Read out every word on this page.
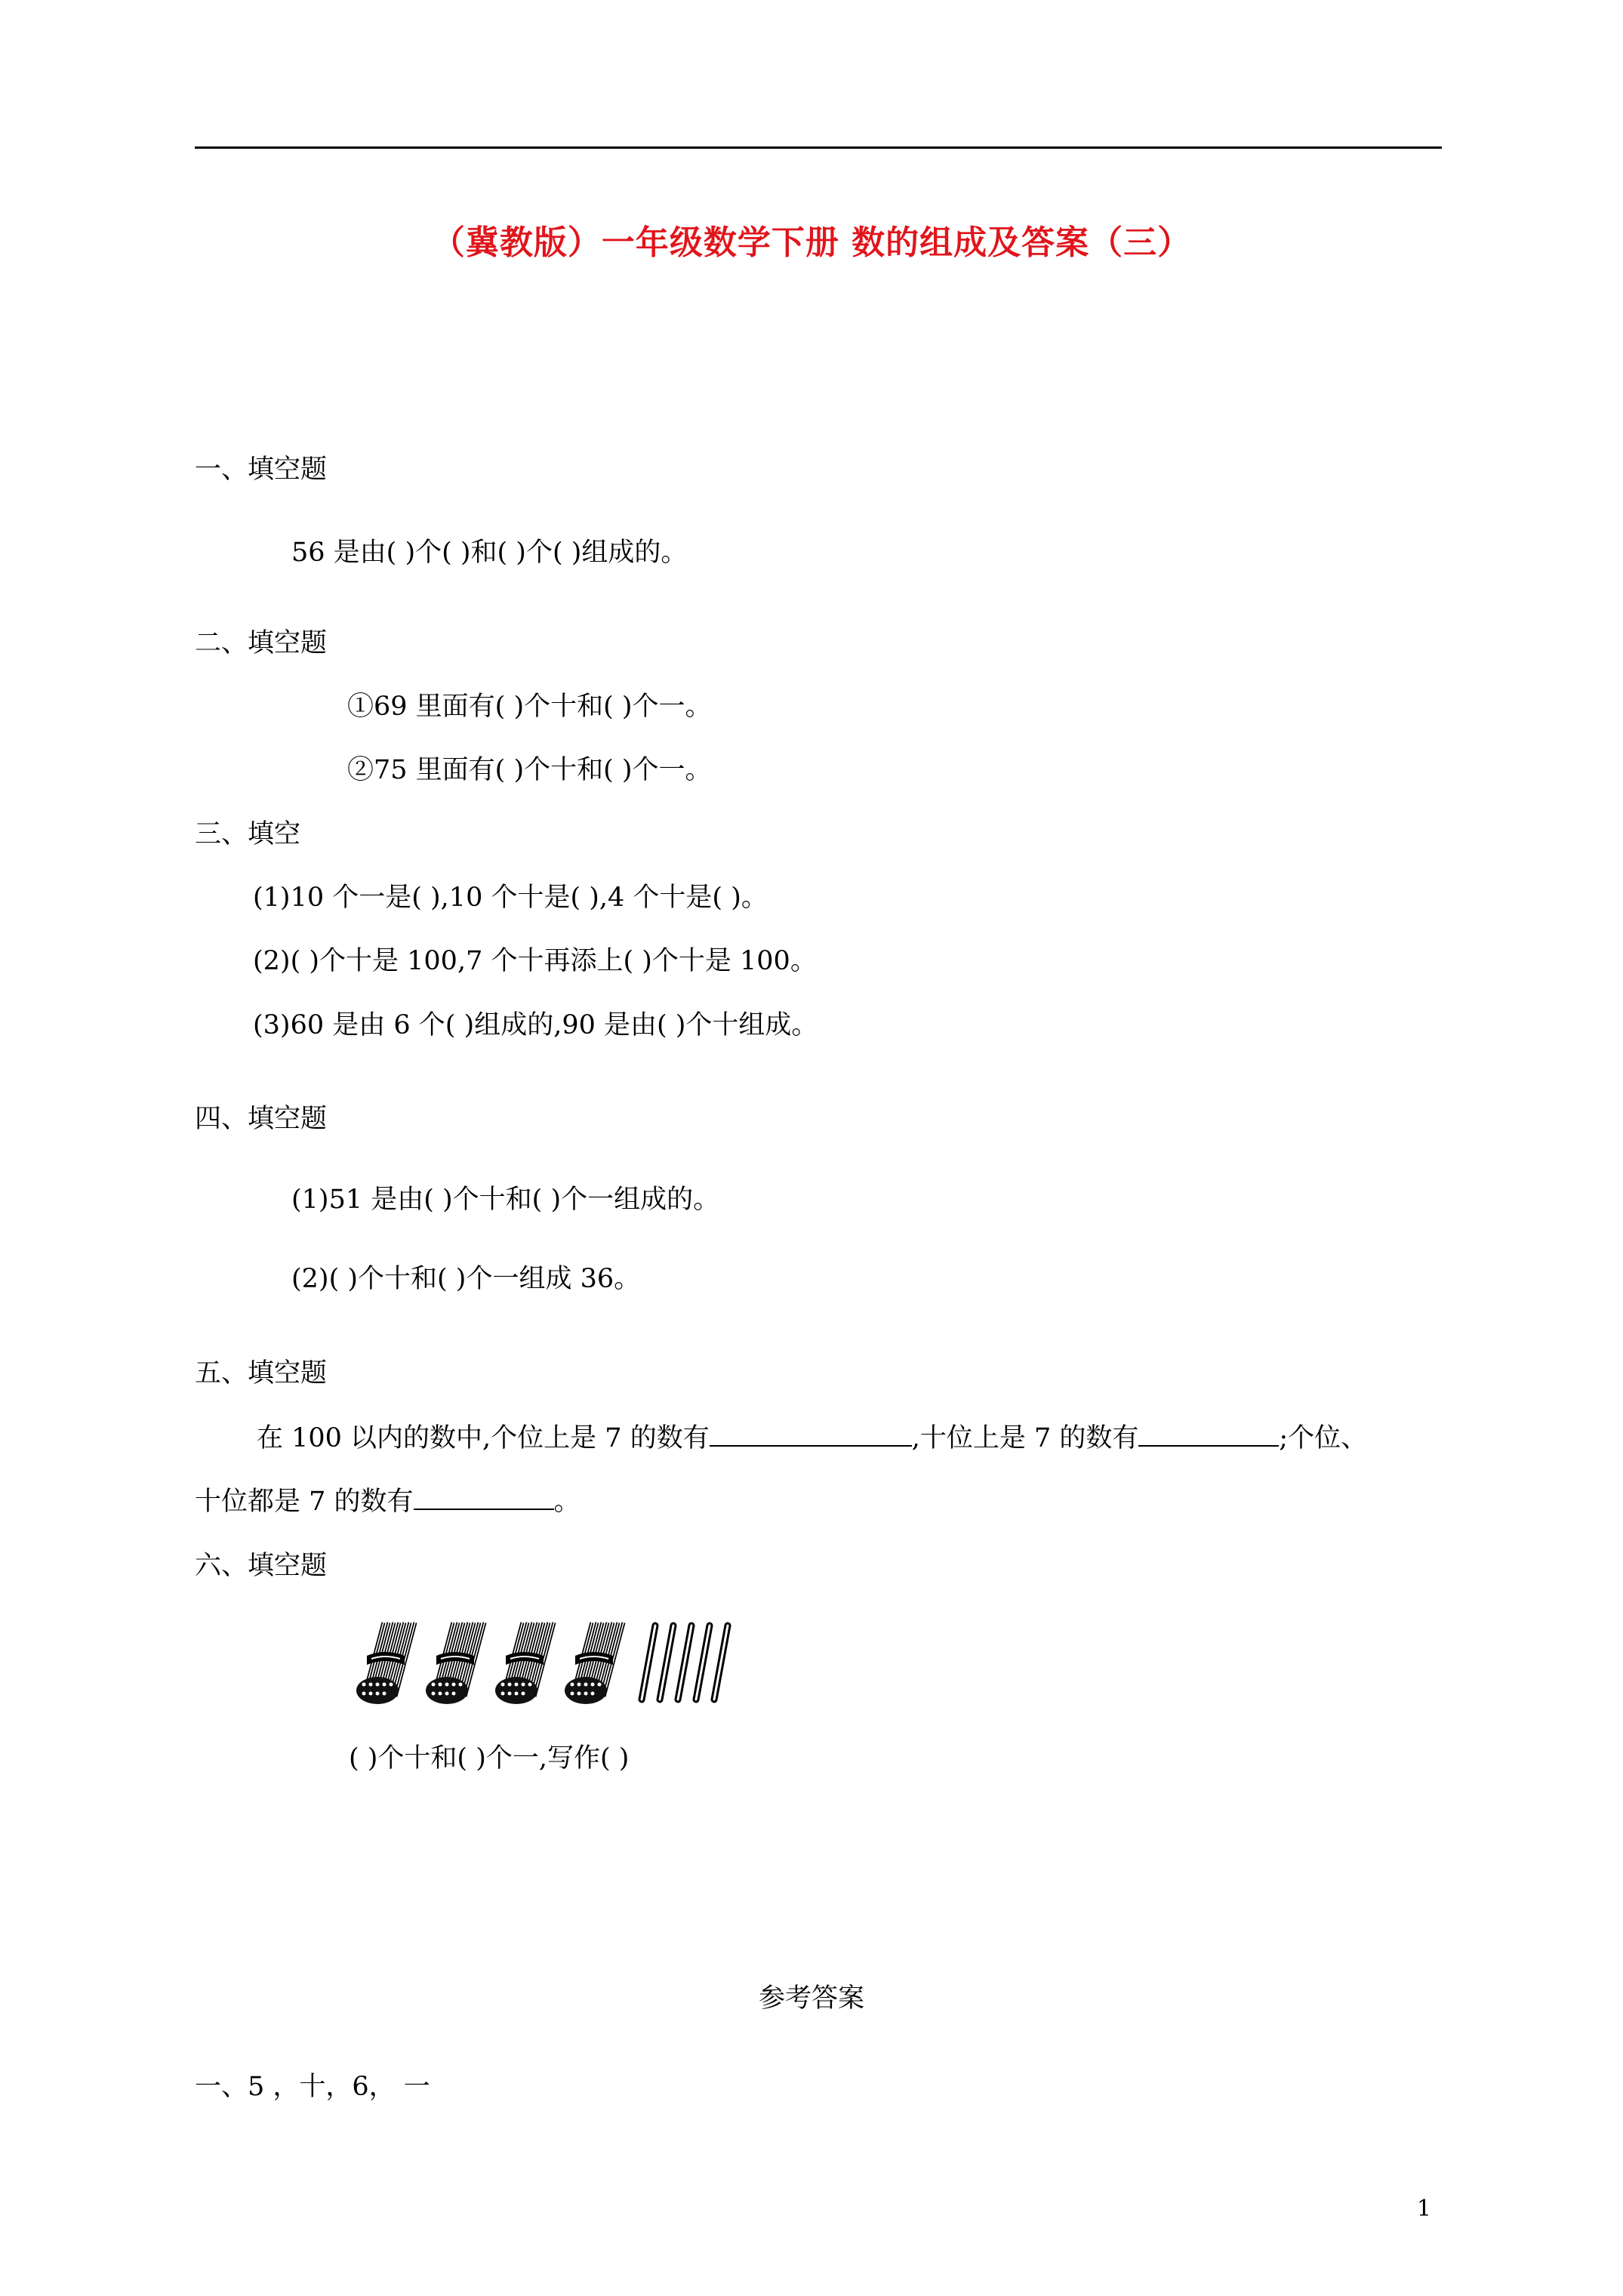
（冀教版）一年级数学下册 数的组成及答案（三）
一、填空题
56 是由( )个( )和( )个( )组成的。
二、填空题
①69 里面有( )个十和( )个一。
②75 里面有( )个十和( )个一。
三、填空
(1)10 个一是( ),10 个十是( ),4 个十是( )。
(2)( )个十是 100,7 个十再添上( )个十是 100。
(3)60 是由 6 个( )组成的,90 是由( )个十组成。
四、填空题
(1)51 是由( )个十和( )个一组成的。
(2)( )个十和( )个一组成 36。
五、填空题
在 100 以内的数中,个位上是 7 的数有	,十位上是 7 的数有	;个位、
十位都是 7 的数有	。
六、填空题
( )个十和( )个一,写作( )
参考答案
一、5 ，十，6， 一
1
